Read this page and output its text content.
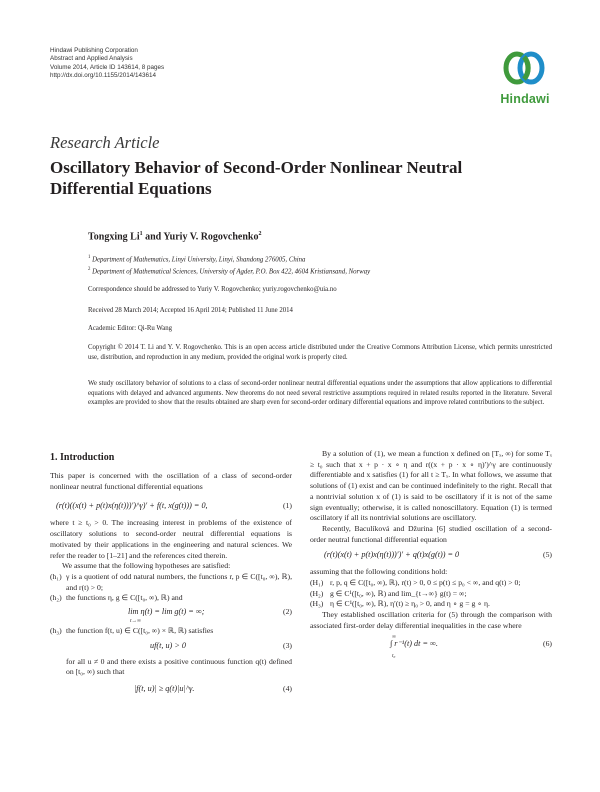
Hindawi Publishing Corporation
Abstract and Applied Analysis
Volume 2014, Article ID 143614, 8 pages
http://dx.doi.org/10.1155/2014/143614
Hindawi
Research Article
Oscillatory Behavior of Second-Order Nonlinear Neutral Differential Equations
Tongxing Li$^1$ and Yuriy V. Rogovchenko$^2$
$^1$ Department of Mathematics, Linyi University, Linyi, Shandong 276005, China
$^2$ Department of Mathematical Sciences, University of Agder, P.O. Box 422, 4604 Kristiansand, Norway
Correspondence should be addressed to Yuriy V. Rogovchenko; yuriy.rogovchenko@uia.no
Received 28 March 2014; Accepted 16 April 2014; Published 11 June 2014
Academic Editor: Qi-Ru Wang
Copyright © 2014 T. Li and Y. V. Rogovchenko. This is an open access article distributed under the Creative Commons Attribution License, which permits unrestricted use, distribution, and reproduction in any medium, provided the original work is properly cited.
We study oscillatory behavior of solutions to a class of second-order nonlinear neutral differential equations under the assumptions that allow applications to differential equations with delayed and advanced arguments. New theorems do not need several restrictive assumptions required in related results reported in the literature. Several examples are provided to show that the results obtained are sharp even for second-order ordinary differential equations and improve related contributions to the subject.
1. Introduction

This paper is concerned with the oscillation of a class of second-order nonlinear neutral functional differential equations

(r(t)((x(t) + p(t)x(η(t)))′)^γ)′ + f(t, x(g(t))) = 0,	(1)

where t ≥ t₀ > 0. The increasing interest in problems of the existence of oscillatory solutions to second-order neutral differential equations is motivated by their applications in the engineering and natural sciences. We refer the reader to [1–21] and the references cited therein.

We assume that the following hypotheses are satisfied:

(h₁) γ is a quotient of odd natural numbers, the functions r, p ∈ C([t₀, ∞), ℝ), and r(t) > 0;
(h₂) the functions η, g ∈ C([t₀, ∞), ℝ) and
lim η(t) = lim g(t) = ∞;
t→∞
(2)
(h₃) the function f(t, u) ∈ C([t₀, ∞) × ℝ, ℝ) satisfies
uf(t, u) > 0	(3)
for all u ≠ 0 and there exists a positive continuous function q(t) defined on [t₀, ∞) such that
|f(t, u)| ≥ q(t)|u|^γ.	(4)

By a solution of (1), we mean a function x defined on [Tₓ, ∞) for some Tₓ ≥ t₀ such that x + p · x ∘ η and r((x + p · x ∘ η)′)^γ are continuously differentiable and x satisfies (1) for all t ≥ Tₓ. In what follows, we assume that solutions of (1) exist and can be continued indefinitely to the right. Recall that a nontrivial solution x of (1) is said to be oscillatory if it is not of the same sign eventually; otherwise, it is called nonoscillatory. Equation (1) is termed oscillatory if all its nontrivial solutions are oscillatory.

Recently, Baculíková and Džurina [6] studied oscillation of a second-order neutral functional differential equation

(r(t)(x(t) + p(t)x(η(t)))′)′ + q(t)x(g(t)) = 0	(5)

assuming that the following conditions hold:

(H₁) r, p, q ∈ C([t₀, ∞), ℝ), r(t) > 0, 0 ≤ p(t) ≤ p₀ < ∞, and q(t) > 0;
(H₂) g ∈ C¹([t₀, ∞), ℝ) and lim_{t→∞} g(t) = ∞;
(H₃) η ∈ C¹([t₀, ∞), ℝ), η′(t) ≥ η₀ > 0, and η ∘ g = g ∘ η.

They established oscillation criteria for (5) through the comparison with associated first-order delay differential inequalities in the case where

∞
∫ r⁻¹(t) dt = ∞.
t₀
(6)
